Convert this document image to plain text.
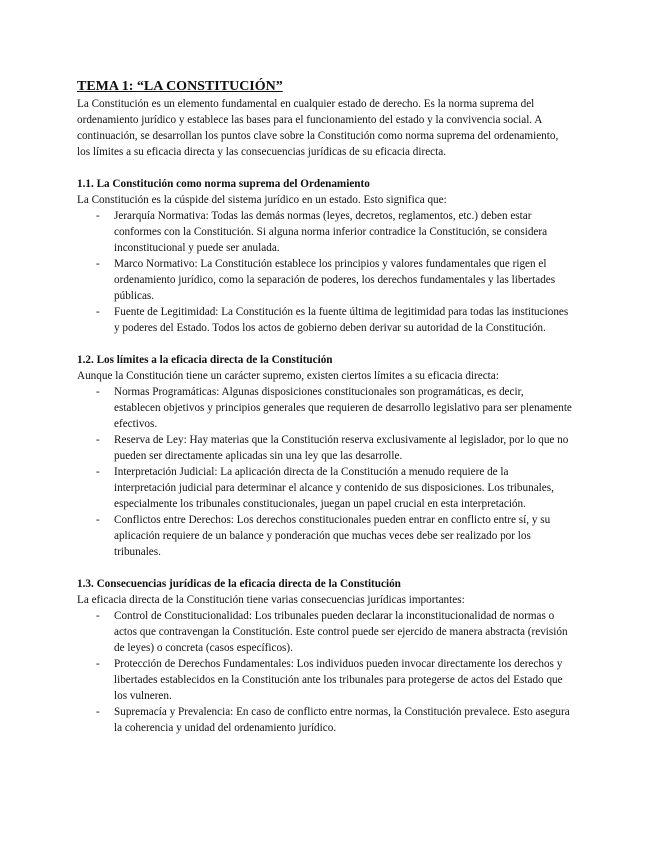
TEMA 1: “LA CONSTITUCIÓN”

La Constitución es un elemento fundamental en cualquier estado de derecho. Es la norma suprema del ordenamiento jurídico y establece las bases para el funcionamiento del estado y la convivencia social. A continuación, se desarrollan los puntos clave sobre la Constitución como norma suprema del ordenamiento, los límites a su eficacia directa y las consecuencias jurídicas de su eficacia directa.

1.1. La Constitución como norma suprema del Ordenamiento

La Constitución es la cúspide del sistema jurídico en un estado. Esto significa que:

- Jerarquía Normativa: Todas las demás normas (leyes, decretos, reglamentos, etc.) deben estar conformes con la Constitución. Si alguna norma inferior contradice la Constitución, se considera inconstitucional y puede ser anulada.
- Marco Normativo: La Constitución establece los principios y valores fundamentales que rigen el ordenamiento jurídico, como la separación de poderes, los derechos fundamentales y las libertades públicas.
- Fuente de Legitimidad: La Constitución es la fuente última de legitimidad para todas las instituciones y poderes del Estado. Todos los actos de gobierno deben derivar su autoridad de la Constitución.

1.2. Los límites a la eficacia directa de la Constitución

Aunque la Constitución tiene un carácter supremo, existen ciertos límites a su eficacia directa:

- Normas Programáticas: Algunas disposiciones constitucionales son programáticas, es decir, establecen objetivos y principios generales que requieren de desarrollo legislativo para ser plenamente efectivos.
- Reserva de Ley: Hay materias que la Constitución reserva exclusivamente al legislador, por lo que no pueden ser directamente aplicadas sin una ley que las desarrolle.
- Interpretación Judicial: La aplicación directa de la Constitución a menudo requiere de la interpretación judicial para determinar el alcance y contenido de sus disposiciones. Los tribunales, especialmente los tribunales constitucionales, juegan un papel crucial en esta interpretación.
- Conflictos entre Derechos: Los derechos constitucionales pueden entrar en conflicto entre sí, y su aplicación requiere de un balance y ponderación que muchas veces debe ser realizado por los tribunales.

1.3. Consecuencias jurídicas de la eficacia directa de la Constitución

La eficacia directa de la Constitución tiene varias consecuencias jurídicas importantes:

- Control de Constitucionalidad: Los tribunales pueden declarar la inconstitucionalidad de normas o actos que contravengan la Constitución. Este control puede ser ejercido de manera abstracta (revisión de leyes) o concreta (casos específicos).
- Protección de Derechos Fundamentales: Los individuos pueden invocar directamente los derechos y libertades establecidos en la Constitución ante los tribunales para protegerse de actos del Estado que los vulneren.
- Supremacía y Prevalencia: En caso de conflicto entre normas, la Constitución prevalece. Esto asegura la coherencia y unidad del ordenamiento jurídico.
